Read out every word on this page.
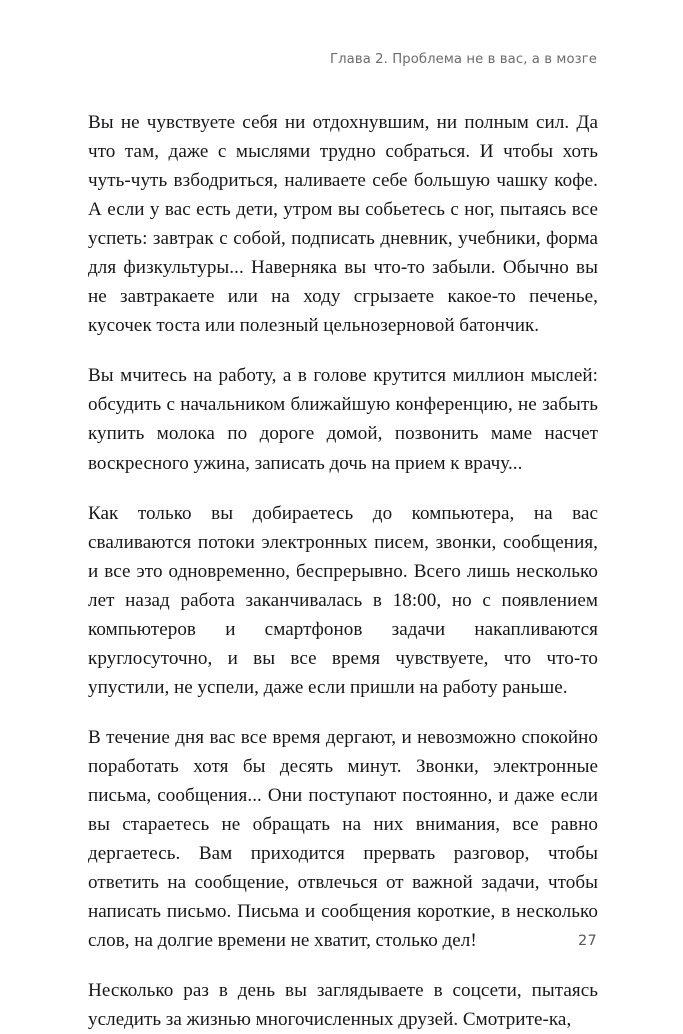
Глава 2. Проблема не в вас, а в мозге

Вы не чувствуете себя ни отдохнувшим, ни полным сил. Да что там, даже с мыслями трудно собраться. И чтобы хоть чуть-чуть взбодриться, наливаете себе большую чашку кофе. А если у вас есть дети, утром вы собьетесь с ног, пытаясь все успеть: завтрак с собой, подписать дневник, учебники, форма для физкультуры... Наверняка вы что-то забыли. Обычно вы не завтракаете или на ходу сгрызаете какое-то печенье, кусочек тоста или полезный цельнозерновой батончик.

Вы мчитесь на работу, а в голове крутится миллион мыслей: обсудить с начальником ближайшую конференцию, не забыть купить молока по дороге домой, позвонить маме насчет воскресного ужина, записать дочь на прием к врачу...

Как только вы добираетесь до компьютера, на вас сваливаются потоки электронных писем, звонки, сообщения, и все это одновременно, беспрерывно. Всего лишь несколько лет назад работа заканчивалась в 18:00, но с появлением компьютеров и смартфонов задачи накапливаются круглосуточно, и вы все время чувствуете, что что-то упустили, не успели, даже если пришли на работу раньше.

В течение дня вас все время дергают, и невозможно спокойно поработать хотя бы десять минут. Звонки, электронные письма, сообщения... Они поступают постоянно, и даже если вы стараетесь не обращать на них внимания, все равно дергаетесь. Вам приходится прервать разговор, чтобы ответить на сообщение, отвлечься от важной задачи, чтобы написать письмо. Письма и сообщения короткие, в несколько слов, на долгие времени не хватит, столько дел!

Несколько раз в день вы заглядываете в соцсети, пытаясь уследить за жизнью многочисленных друзей. Смотрите-ка,

27
